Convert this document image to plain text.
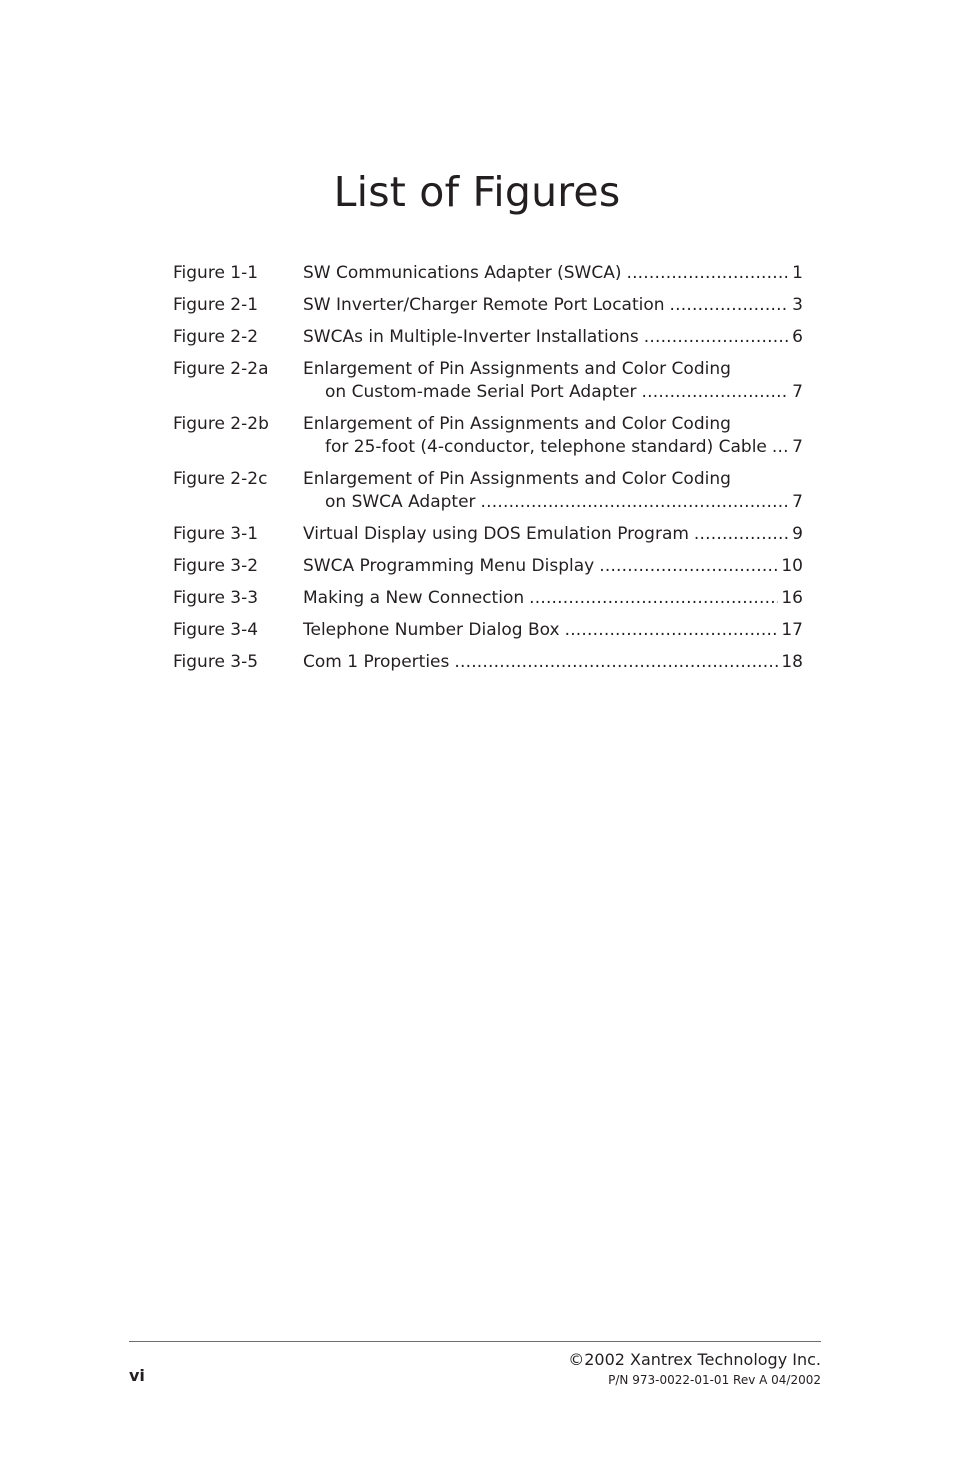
List of Figures
Figure 1-1	SW Communications Adapter (SWCA) . . .	1
Figure 2-1	SW Inverter/Charger Remote Port Location . . .	3
Figure 2-2	SWCAs in Multiple-Inverter Installations . . .	6
Figure 2-2a Enlargement of Pin Assignments and Color Coding
on Custom-made Serial Port Adapter . . .	7
Figure 2-2b Enlargement of Pin Assignments and Color Coding
for 25-foot (4-conductor, telephone standard) Cable . . . 7
Figure 2-2c Enlargement of Pin Assignments and Color Coding
on SWCA Adapter . . .	7
Figure 3-1	Virtual Display using DOS Emulation Program . . .	9
Figure 3-2	SWCA Programming Menu Display . . .	10
Figure 3-3	Making a New Connection . . .	16
Figure 3-4	Telephone Number Dialog Box . . .	17
Figure 3-5	Com 1 Properties . . .	18
vi
©2002 Xantrex Technology Inc.
P/N 973-0022-01-01 Rev A 04/2002
